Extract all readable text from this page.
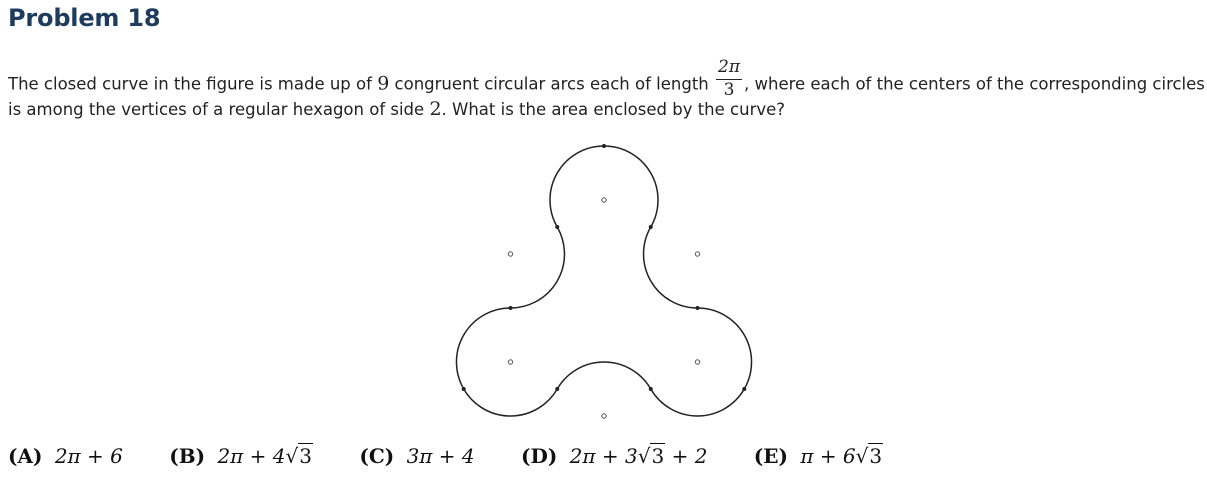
Problem 18
The closed curve in the figure is made up of 9 congruent circular arcs each of length $\frac{2\pi}{3}$ , where each of the centers of the corresponding circles
is among the vertices of a regular hexagon of side 2. What is the area enclosed by the curve?
(A) 2π + 6 (B) 2π + 4√3 (C) 3π + 4 (D) 2π + 3√3 + 2 (E) π + 6√3
